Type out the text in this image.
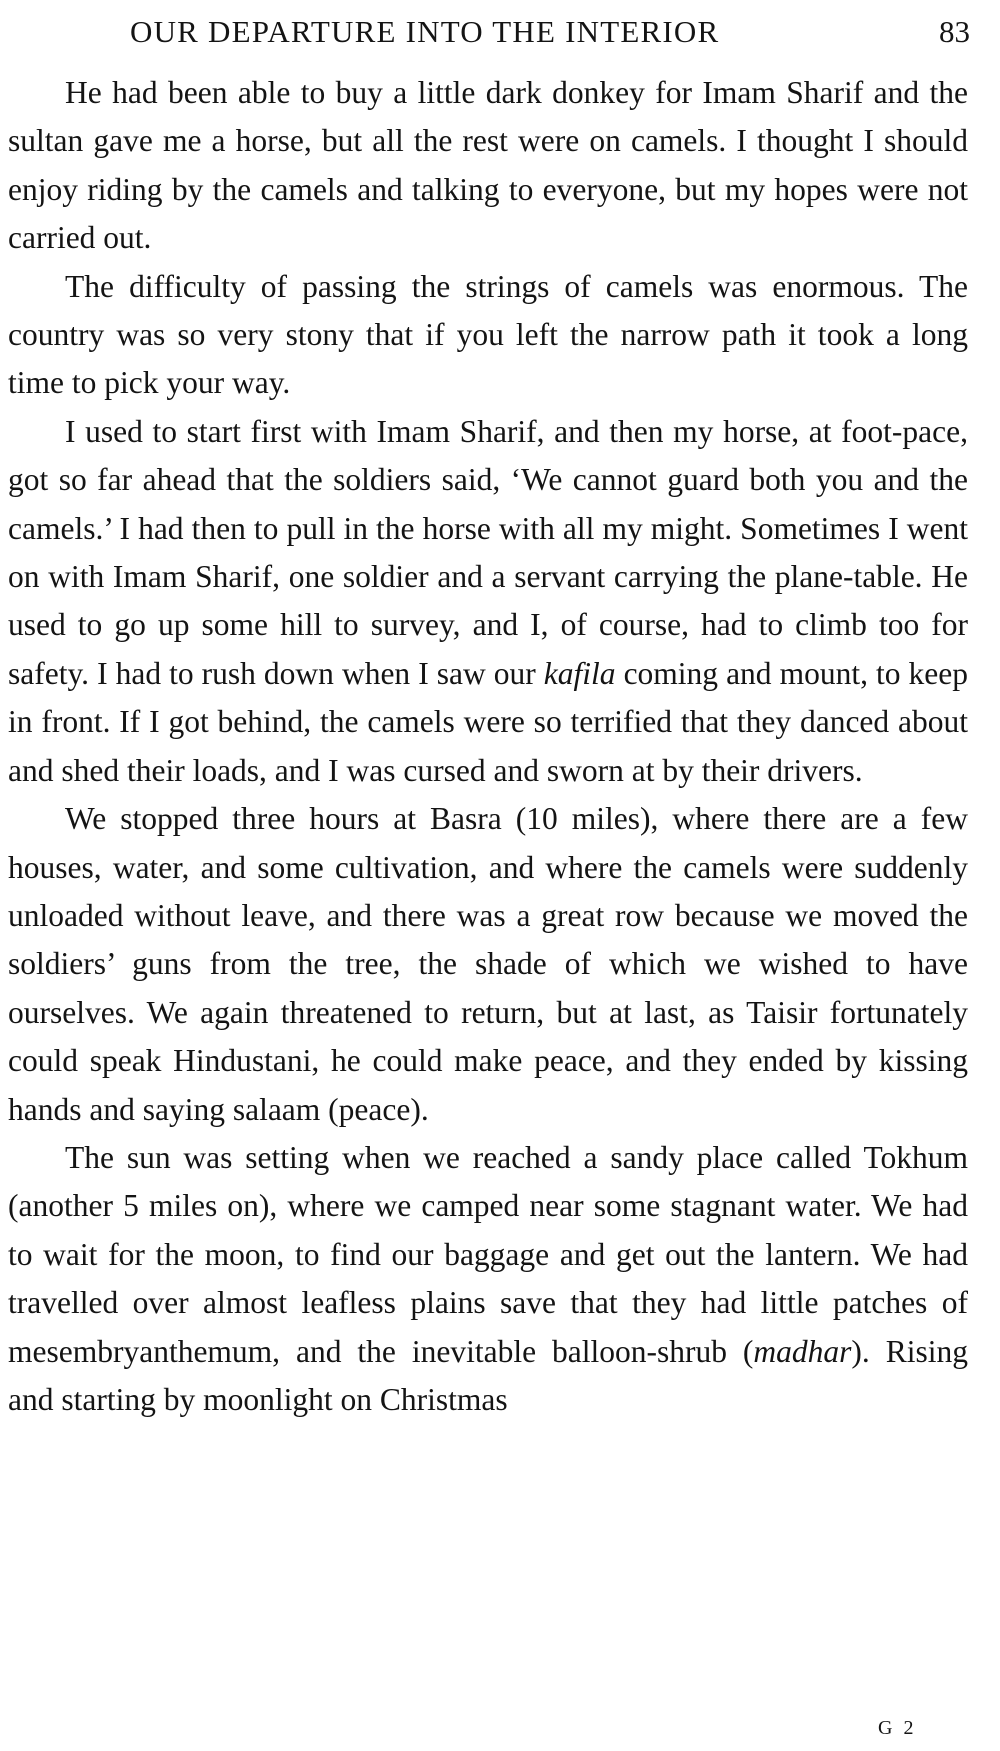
OUR DEPARTURE INTO THE INTERIOR	83

He had been able to buy a little dark donkey for Imam Sharif and the sultan gave me a horse, but all the rest were on camels. I thought I should enjoy riding by the camels and talking to everyone, but my hopes were not carried out.

The difficulty of passing the strings of camels was enormous. The country was so very stony that if you left the narrow path it took a long time to pick your way.

I used to start first with Imam Sharif, and then my horse, at foot-pace, got so far ahead that the soldiers said, ‘We cannot guard both you and the camels.’ I had then to pull in the horse with all my might. Sometimes I went on with Imam Sharif, one soldier and a servant carrying the plane-table. He used to go up some hill to survey, and I, of course, had to climb too for safety. I had to rush down when I saw our kafila coming and mount, to keep in front. If I got behind, the camels were so terrified that they danced about and shed their loads, and I was cursed and sworn at by their drivers.

We stopped three hours at Basra (10 miles), where there are a few houses, water, and some cultivation, and where the camels were suddenly unloaded without leave, and there was a great row because we moved the soldiers’ guns from the tree, the shade of which we wished to have ourselves. We again threatened to return, but at last, as Taisir fortunately could speak Hindustani, he could make peace, and they ended by kissing hands and saying salaam (peace).

The sun was setting when we reached a sandy place called Tokhum (another 5 miles on), where we camped near some stagnant water. We had to wait for the moon, to find our baggage and get out the lantern. We had travelled over almost leafless plains save that they had little patches of mesembryanthemum, and the inevitable balloon-shrub (madhar). Rising and starting by moonlight on Christmas

G 2
